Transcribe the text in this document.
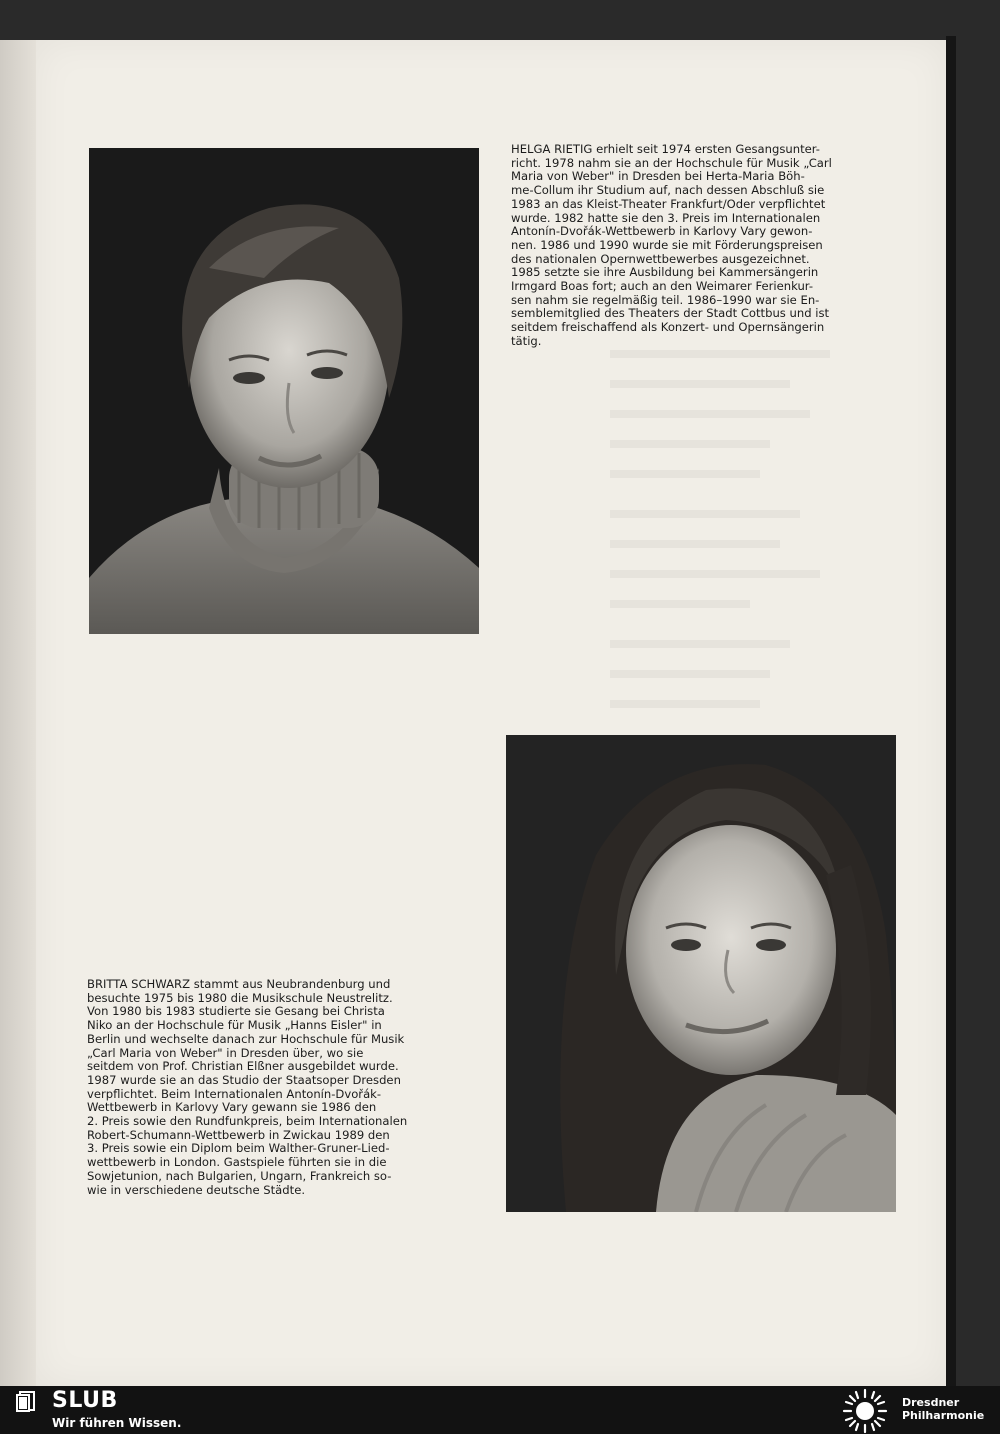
HELGA RIETIG erhielt seit 1974 ersten Gesangsunter-
richt. 1978 nahm sie an der Hochschule für Musik „Carl
Maria von Weber" in Dresden bei Herta-Maria Böh-
me-Collum ihr Studium auf, nach dessen Abschluß sie
1983 an das Kleist-Theater Frankfurt/Oder verpflichtet
wurde. 1982 hatte sie den 3. Preis im Internationalen
Antonín-Dvořák-Wettbewerb in Karlovy Vary gewon-
nen. 1986 und 1990 wurde sie mit Förderungspreisen
des nationalen Opernwettbewerbes ausgezeichnet.
1985 setzte sie ihre Ausbildung bei Kammersängerin
Irmgard Boas fort; auch an den Weimarer Ferienkur-
sen nahm sie regelmäßig teil. 1986–1990 war sie En-
semblemitglied des Theaters der Stadt Cottbus und ist
seitdem freischaffend als Konzert- und Opernsängerin
tätig.
BRITTA SCHWARZ stammt aus Neubrandenburg und
besuchte 1975 bis 1980 die Musikschule Neustrelitz.
Von 1980 bis 1983 studierte sie Gesang bei Christa
Niko an der Hochschule für Musik „Hanns Eisler" in
Berlin und wechselte danach zur Hochschule für Musik
„Carl Maria von Weber" in Dresden über, wo sie
seitdem von Prof. Christian Elßner ausgebildet wurde.
1987 wurde sie an das Studio der Staatsoper Dresden
verpflichtet. Beim Internationalen Antonín-Dvořák-
Wettbewerb in Karlovy Vary gewann sie 1986 den
2. Preis sowie den Rundfunkpreis, beim Internationalen
Robert-Schumann-Wettbewerb in Zwickau 1989 den
3. Preis sowie ein Diplom beim Walther-Gruner-Lied-
wettbewerb in London. Gastspiele führten sie in die
Sowjetunion, nach Bulgarien, Ungarn, Frankreich so-
wie in verschiedene deutsche Städte.
SLUB
Wir führen Wissen.
Dresdner
Philharmonie
